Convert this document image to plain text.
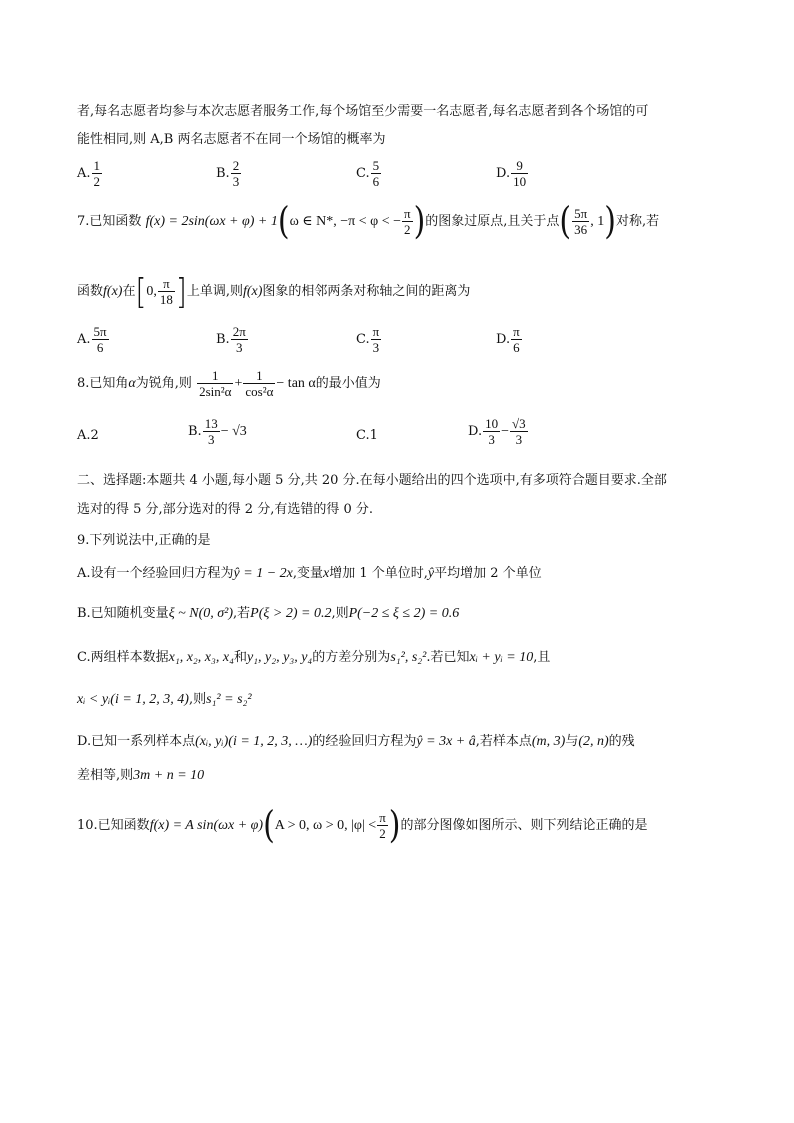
者,每名志愿者均参与本次志愿者服务工作,每个场馆至少需要一名志愿者,每名志愿者到各个场馆的可
能性相同,则 A,B 两名志愿者不在同一个场馆的概率为
A. $\frac{1}{2}$	B. $\frac{2}{3}$	C. $\frac{5}{6}$	D. $\frac{9}{10}$
7.已知函数 f(x) = 2sin(ωx + φ) + 1(ω ∈ N*, −π < φ < − $\frac{\pi}{2}$ )的图象过原点,且关于点( $\frac{5\pi}{36}$ , 1)对称,若
函数f(x)在[0, $\frac{\pi}{18}$ ]上单调,则f(x)图象的相邻两条对称轴之间的距离为
A. $\frac{5\pi}{6}$	B. $\frac{2\pi}{3}$	C. $\frac{\pi}{3}$	D. $\frac{\pi}{6}$
8.已知角α为锐角,则 $\frac{1}{\text{2sin²α}} + \frac{1}{\text{cos²α}} - \tan \alpha$的最小值为
A.2	B. $\frac{13}{3} - √3$	C.1	D. $\frac{10}{3} - \frac{√3}{3}$
二、选择题:本题共 4 小题,每小题 5 分,共 20 分.在每小题给出的四个选项中,有多项符合题目要求.全部
选对的得 5 分,部分选对的得 2 分,有选错的得 0 分.
9.下列说法中,正确的是
A.设有一个经验回归方程为ŷ = 1 − 2x,变量x增加 1 个单位时,ŷ平均增加 2 个单位
B.已知随机变量ξ ~ N(0, σ²),若P(ξ > 2) = 0.2,则P(−2 ≤ ξ ≤ 2) = 0.6
C.两组样本数据x₁, x₂, x₃, x₄和y₁, y₂, y₃, y₄的方差分别为s₁², s₂².若已知xᵢ + yᵢ = 10,且
xᵢ < yᵢ(i = 1, 2, 3, 4),则s₁² = s₂²
D.已知一系列样本点(xᵢ, yᵢ)(i = 1, 2, 3, …)的经验回归方程为ŷ = 3x + â,若样本点(m, 3)与(2, n)的残
差相等,则3m + n = 10
10.已知函数f(x) = A sin(ωx + φ)(A > 0, ω > 0, $|\varphi| < \frac{\pi}{2}$ )的部分图像如图所示、则下列结论正确的是
